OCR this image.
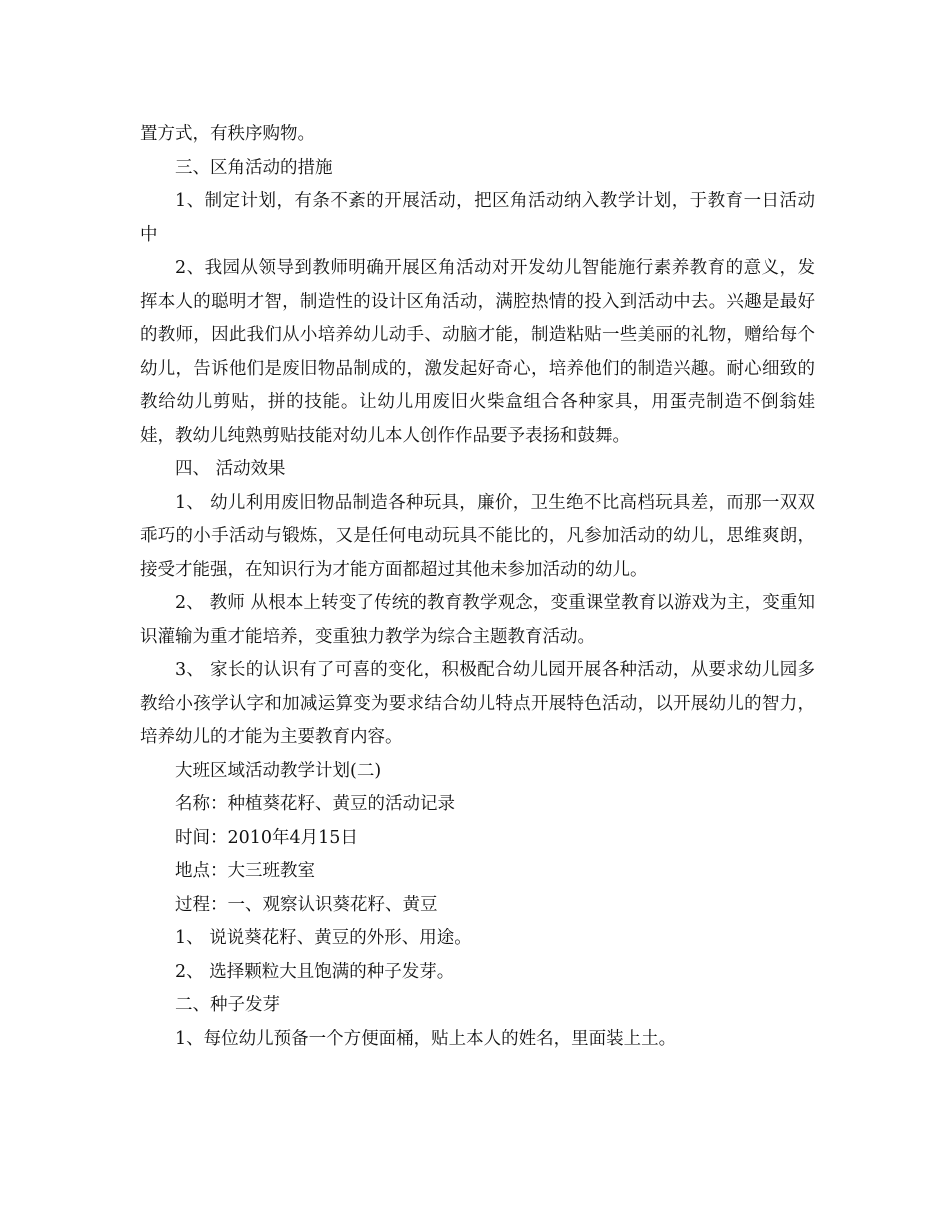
置方式，有秩序购物。

三、区角活动的措施

1、制定计划，有条不紊的开展活动，把区角活动纳入教学计划，于教育一日活动中

2、我园从领导到教师明确开展区角活动对开发幼儿智能施行素养教育的意义，发挥本人的聪明才智，制造性的设计区角活动，满腔热情的投入到活动中去。兴趣是最好的教师，因此我们从小培养幼儿动手、动脑才能，制造粘贴一些美丽的礼物，赠给每个幼儿，告诉他们是废旧物品制成的，激发起好奇心，培养他们的制造兴趣。耐心细致的教给幼儿剪贴，拼的技能。让幼儿用废旧火柴盒组合各种家具，用蛋壳制造不倒翁娃娃，教幼儿纯熟剪贴技能对幼儿本人创作作品要予表扬和鼓舞。

四、 活动效果

1、 幼儿利用废旧物品制造各种玩具，廉价，卫生绝不比高档玩具差，而那一双双乖巧的小手活动与锻炼，又是任何电动玩具不能比的，凡参加活动的幼儿，思维爽朗，接受才能强，在知识行为才能方面都超过其他未参加活动的幼儿。

2、 教师 从根本上转变了传统的教育教学观念，变重课堂教育以游戏为主，变重知识灌输为重才能培养，变重独力教学为综合主题教育活动。

3、 家长的认识有了可喜的变化，积极配合幼儿园开展各种活动，从要求幼儿园多教给小孩学认字和加减运算变为要求结合幼儿特点开展特色活动，以开展幼儿的智力，培养幼儿的才能为主要教育内容。

大班区域活动教学计划(二)

名称：种植葵花籽、黄豆的活动记录

时间：2010年4月15日

地点：大三班教室

过程：一、观察认识葵花籽、黄豆

1、 说说葵花籽、黄豆的外形、用途。

2、 选择颗粒大且饱满的种子发芽。

二、种子发芽

1、每位幼儿预备一个方便面桶，贴上本人的姓名，里面装上土。
